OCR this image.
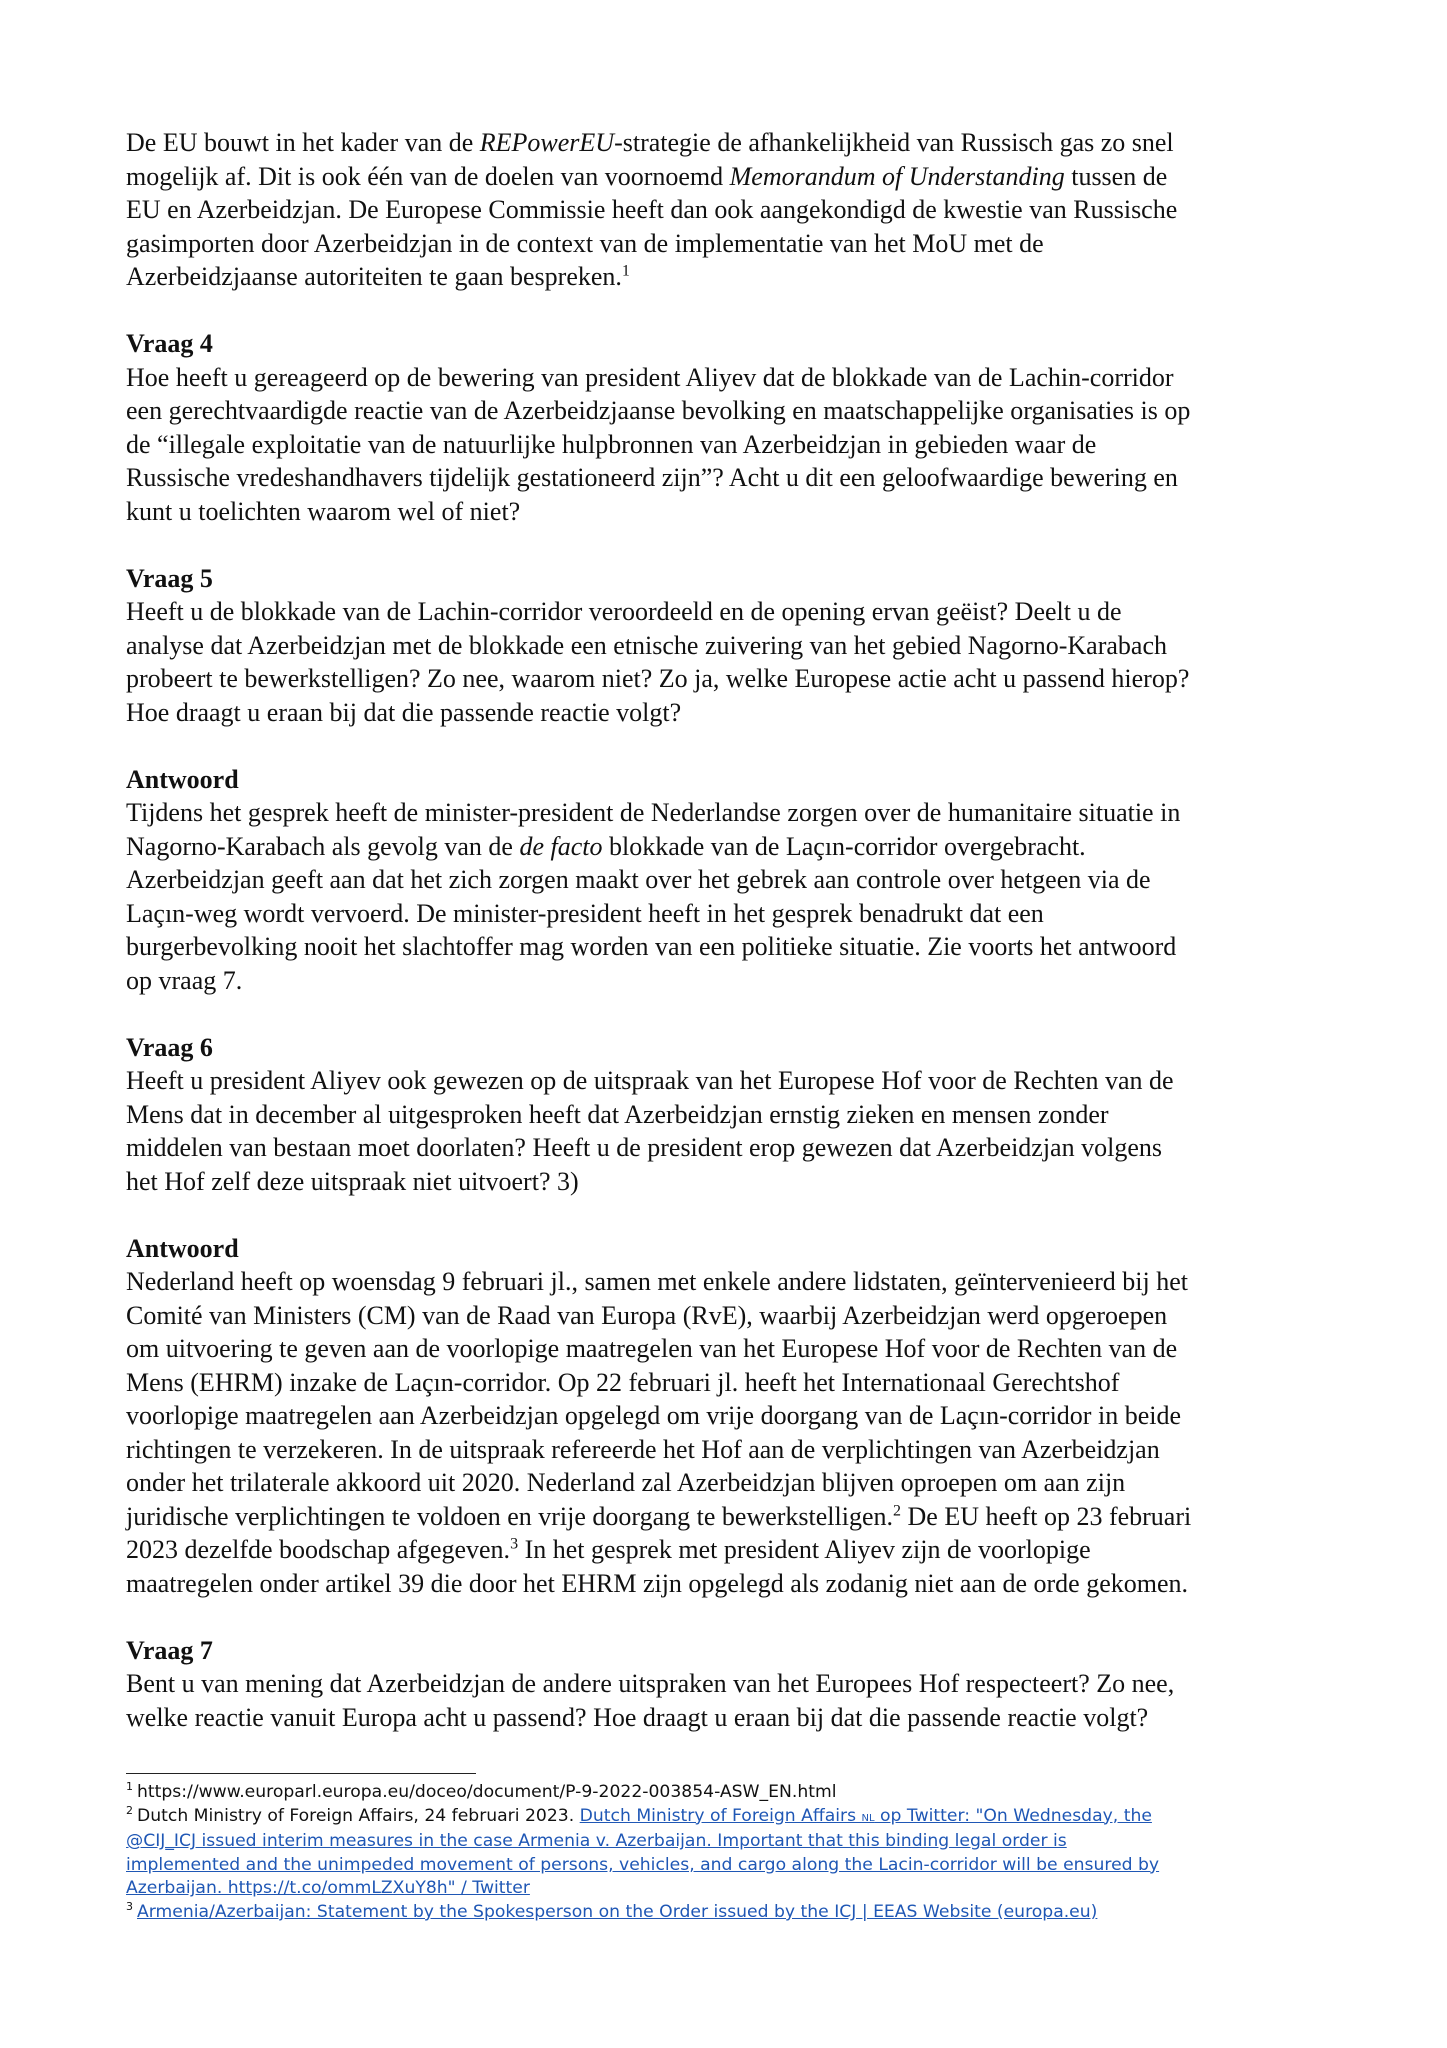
De EU bouwt in het kader van de REPowerEU-strategie de afhankelijkheid van Russisch gas zo snel

mogelijk af. Dit is ook één van de doelen van voornoemd Memorandum of Understanding tussen de

EU en Azerbeidzjan. De Europese Commissie heeft dan ook aangekondigd de kwestie van Russische

gasimporten door Azerbeidzjan in de context van de implementatie van het MoU met de

Azerbeidzjaanse autoriteiten te gaan bespreken.$^1$

Vraag 4

Hoe heeft u gereageerd op de bewering van president Aliyev dat de blokkade van de Lachin-corridor

een gerechtvaardigde reactie van de Azerbeidzjaanse bevolking en maatschappelijke organisaties is op

de “illegale exploitatie van de natuurlijke hulpbronnen van Azerbeidzjan in gebieden waar de

Russische vredeshandhavers tijdelijk gestationeerd zijn”? Acht u dit een geloofwaardige bewering en

kunt u toelichten waarom wel of niet?

Vraag 5

Heeft u de blokkade van de Lachin-corridor veroordeeld en de opening ervan geëist? Deelt u de

analyse dat Azerbeidzjan met de blokkade een etnische zuivering van het gebied Nagorno-Karabach

probeert te bewerkstelligen? Zo nee, waarom niet? Zo ja, welke Europese actie acht u passend hierop?

Hoe draagt u eraan bij dat die passende reactie volgt?

Antwoord

Tijdens het gesprek heeft de minister-president de Nederlandse zorgen over de humanitaire situatie in

Nagorno-Karabach als gevolg van de de facto blokkade van de Laçın-corridor overgebracht.

Azerbeidzjan geeft aan dat het zich zorgen maakt over het gebrek aan controle over hetgeen via de

Laçın-weg wordt vervoerd. De minister-president heeft in het gesprek benadrukt dat een

burgerbevolking nooit het slachtoffer mag worden van een politieke situatie. Zie voorts het antwoord

op vraag 7.

Vraag 6

Heeft u president Aliyev ook gewezen op de uitspraak van het Europese Hof voor de Rechten van de

Mens dat in december al uitgesproken heeft dat Azerbeidzjan ernstig zieken en mensen zonder

middelen van bestaan moet doorlaten? Heeft u de president erop gewezen dat Azerbeidzjan volgens

het Hof zelf deze uitspraak niet uitvoert? 3)

Antwoord

Nederland heeft op woensdag 9 februari jl., samen met enkele andere lidstaten, geïntervenieerd bij het

Comité van Ministers (CM) van de Raad van Europa (RvE), waarbij Azerbeidzjan werd opgeroepen

om uitvoering te geven aan de voorlopige maatregelen van het Europese Hof voor de Rechten van de

Mens (EHRM) inzake de Laçın-corridor. Op 22 februari jl. heeft het Internationaal Gerechtshof

voorlopige maatregelen aan Azerbeidzjan opgelegd om vrije doorgang van de Laçın-corridor in beide

richtingen te verzekeren. In de uitspraak refereerde het Hof aan de verplichtingen van Azerbeidzjan

onder het trilaterale akkoord uit 2020. Nederland zal Azerbeidzjan blijven oproepen om aan zijn

juridische verplichtingen te voldoen en vrije doorgang te bewerkstelligen.$^2$ De EU heeft op 23 februari

2023 dezelfde boodschap afgegeven.$^3$ In het gesprek met president Aliyev zijn de voorlopige

maatregelen onder artikel 39 die door het EHRM zijn opgelegd als zodanig niet aan de orde gekomen.

Vraag 7

Bent u van mening dat Azerbeidzjan de andere uitspraken van het Europees Hof respecteert? Zo nee,

welke reactie vanuit Europa acht u passend? Hoe draagt u eraan bij dat die passende reactie volgt?

$^1$ https://www.europarl.europa.eu/doceo/document/P-9-2022-003854-ASW_EN.html

$^2$ Dutch Ministry of Foreign Affairs, 24 februari 2023. Dutch Ministry of Foreign Affairs NL op Twitter: "On Wednesday, the

@CIJ_ICJ issued interim measures in the case Armenia v. Azerbaijan. Important that this binding legal order is

implemented and the unimpeded movement of persons, vehicles, and cargo along the Lacin-corridor will be ensured by

Azerbaijan. https://t.co/ommLZXuY8h" / Twitter

$^3$ Armenia/Azerbaijan: Statement by the Spokesperson on the Order issued by the ICJ | EEAS Website (europa.eu)
